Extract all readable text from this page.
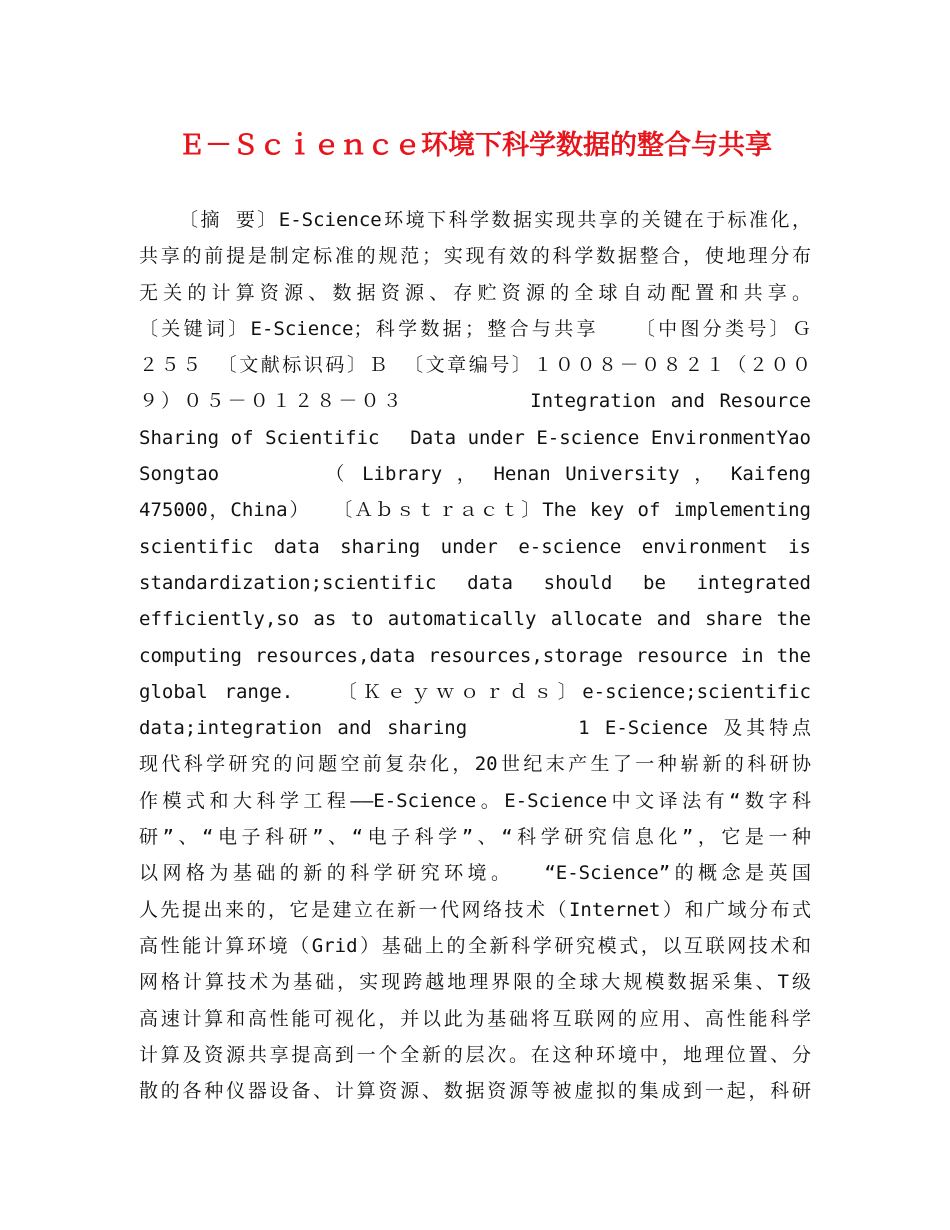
Ｅ－Ｓｃｉｅｎｃｅ环境下科学数据的整合与共享
〔摘 要〕E-Science环境下科学数据实现共享的关键在于标准化，
共享的前提是制定标准的规范；实现有效的科学数据整合，使地理分布
无关的计算资源、数据资源、存贮资源的全球自动配置和共享。
〔关键词〕E-Science；科学数据；整合与共享　 〔中图分类号〕Ｇ
２５５ 〔文献标识码〕Ｂ 〔文章编号〕１００８－０８２１（２００
９）０５－０１２８－０３　　　　　 Integration and Resource
Sharing of Scientific　 Data under E-science EnvironmentYao
Songtao　　　　 （ Library ， Henan University ， Kaifeng
475000，China）　　〔Ａｂｓｔｒａｃｔ〕The key of implementing
scientific data sharing under e-science environment is
standardization;scientific data should be integrated
efficiently,so as to automatically allocate and share the
computing resources,data resources,storage resource in the
global range.　　〔Ｋｅｙｗｏｒｄｓ〕e-science;scientific
data;integration and sharing　　　　 1 E-Science 及其特点
现代科学研究的问题空前复杂化，20世纪末产生了一种崭新的科研协
作模式和大科学工程——E-Science。E-Science中文译法有“数字科
研”、“电子科研”、“电子科学”、“科学研究信息化”，它是一种
以网格为基础的新的科学研究环境。　 “E-Science”的概念是英国
人先提出来的，它是建立在新一代网络技术（Internet）和广域分布式
高性能计算环境（Grid）基础上的全新科学研究模式，以互联网技术和
网格计算技术为基础，实现跨越地理界限的全球大规模数据采集、T级
高速计算和高性能可视化，并以此为基础将互联网的应用、高性能科学
计算及资源共享提高到一个全新的层次。在这种环境中，地理位置、分
散的各种仪器设备、计算资源、数据资源等被虚拟的集成到一起，科研
